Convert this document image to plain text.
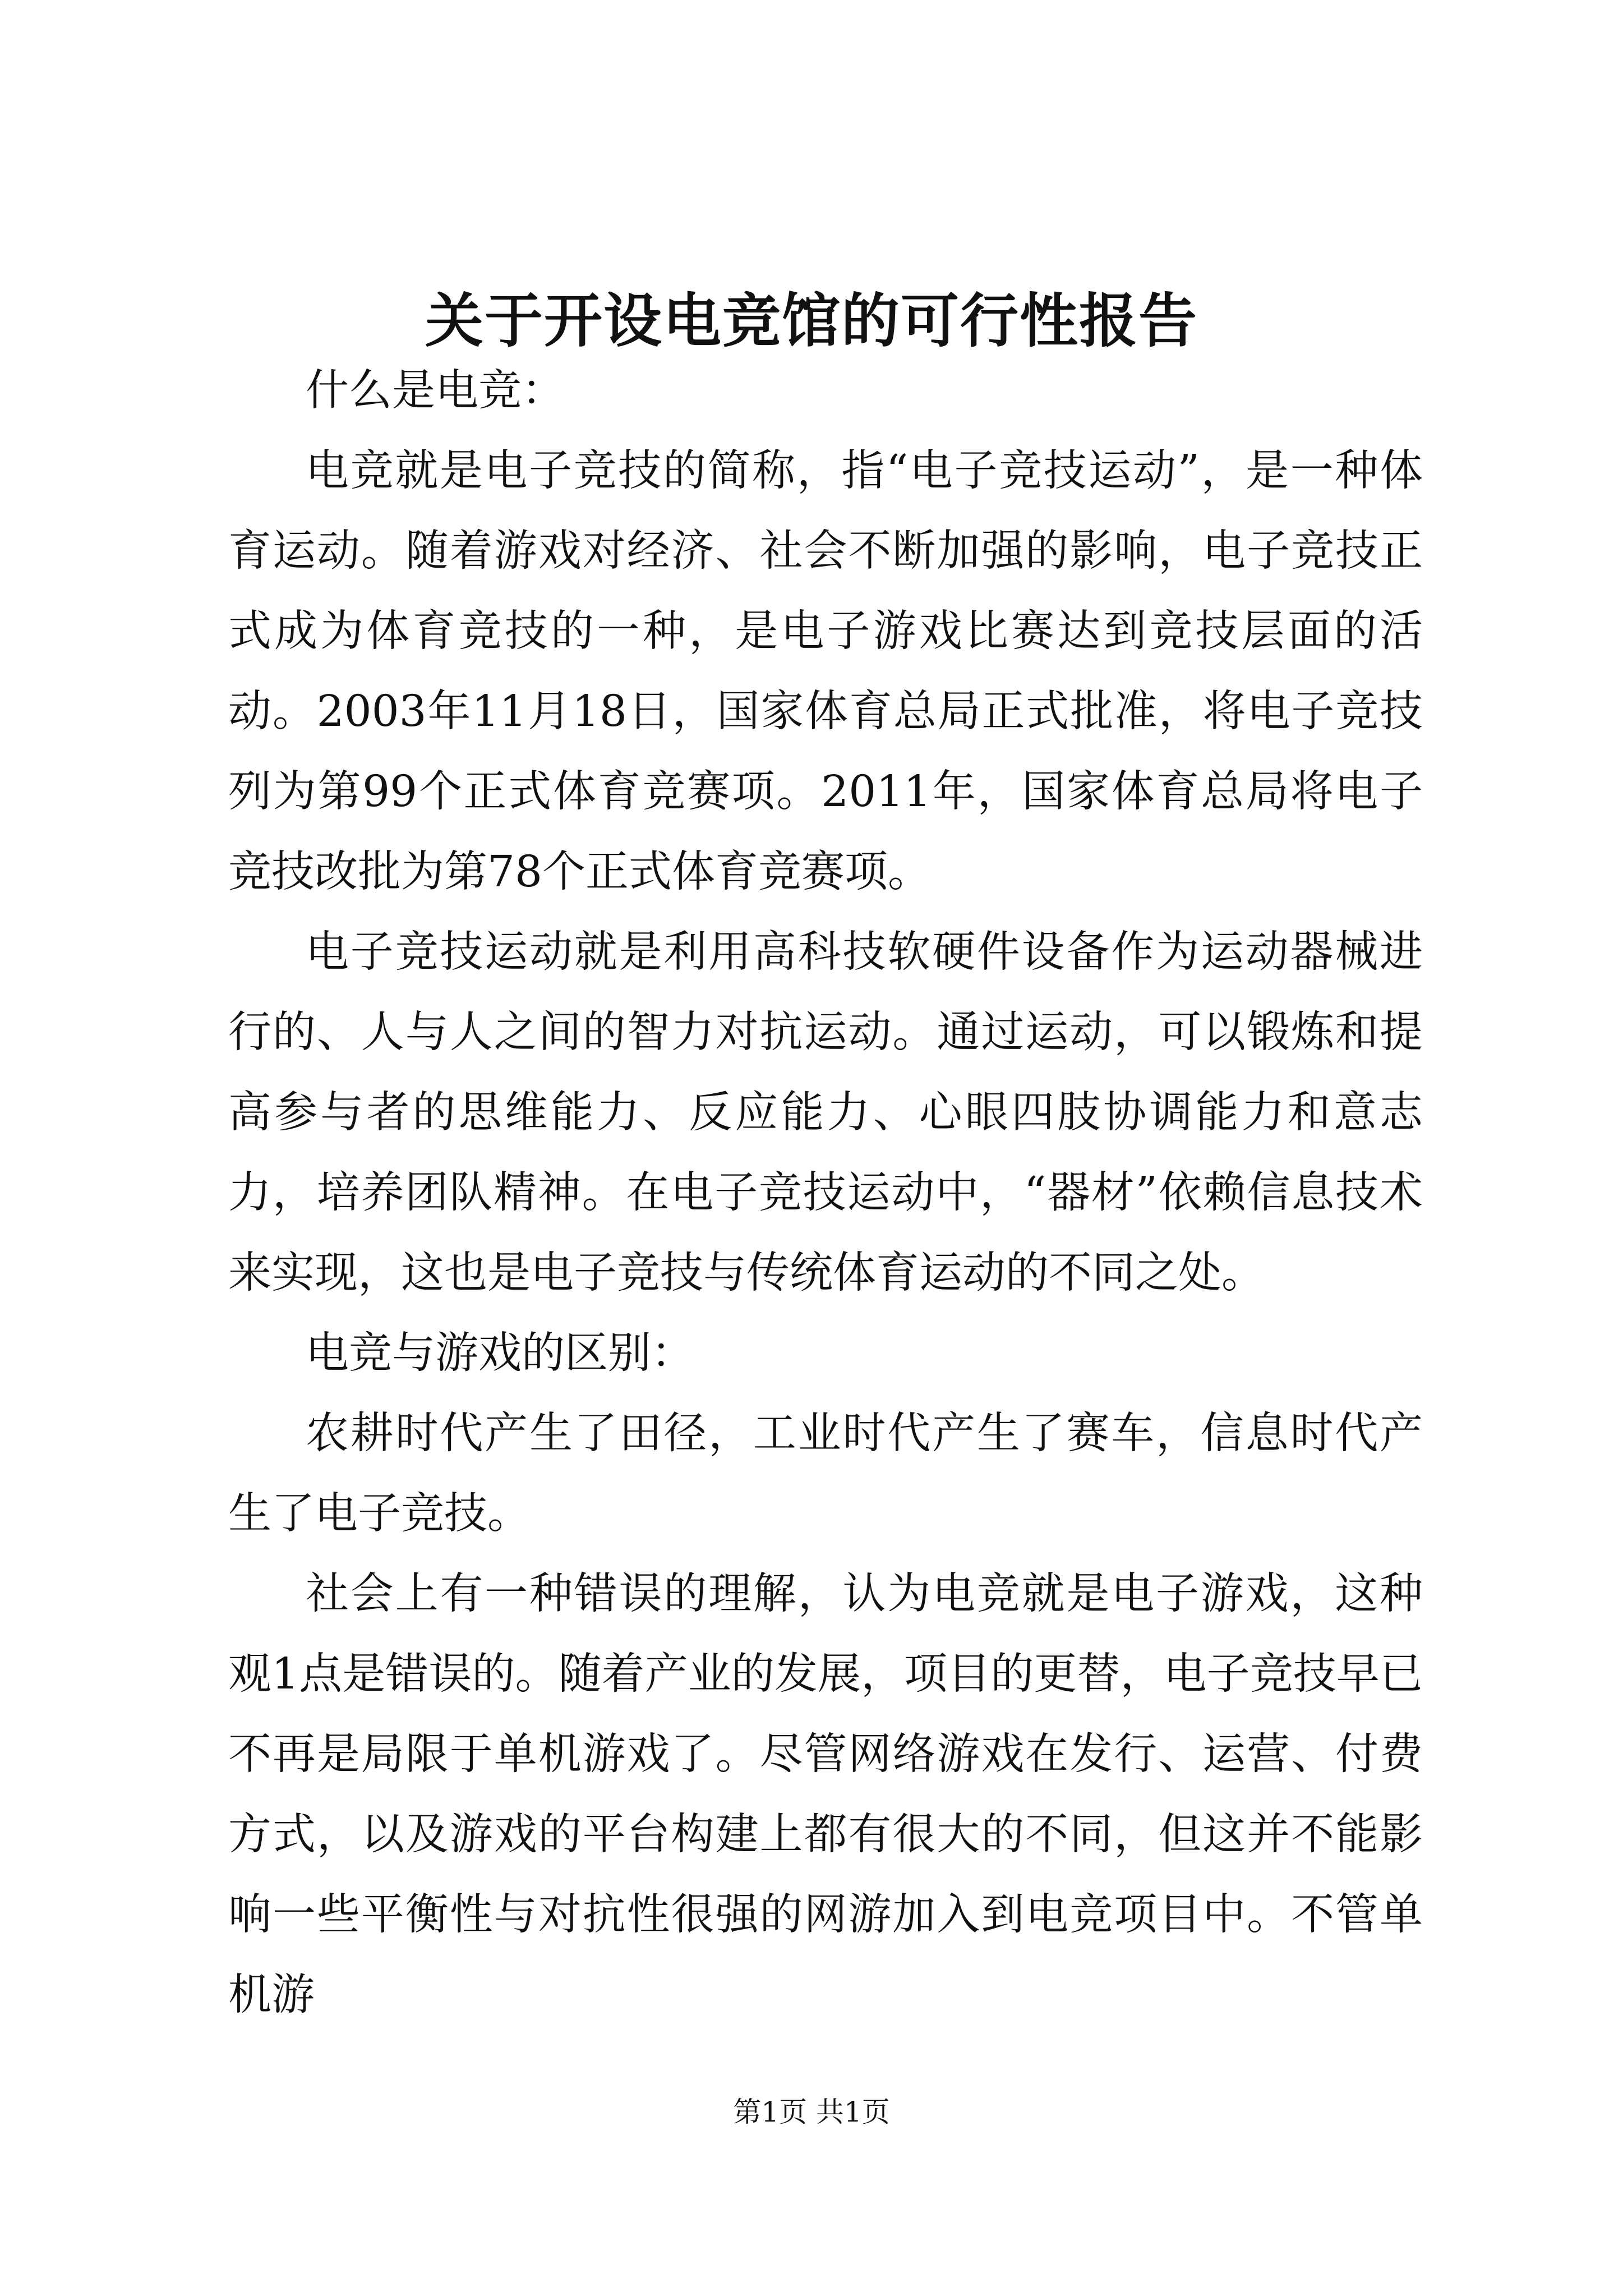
关于开设电竞馆的可行性报告

什么是电竞：

电竞就是电子竞技的简称，指“电子竞技运动”，是一种体育运动。随着游戏对经济、社会不断加强的影响，电子竞技正式成为体育竞技的一种，是电子游戏比赛达到竞技层面的活动。2003年11月18日，国家体育总局正式批准，将电子竞技列为第99个正式体育竞赛项。2011年，国家体育总局将电子竞技改批为第78个正式体育竞赛项。

电子竞技运动就是利用高科技软硬件设备作为运动器械进行的、人与人之间的智力对抗运动。通过运动，可以锻炼和提高参与者的思维能力、反应能力、心眼四肢协调能力和意志力，培养团队精神。在电子竞技运动中，“器材”依赖信息技术来实现，这也是电子竞技与传统体育运动的不同之处。

电竞与游戏的区别：

农耕时代产生了田径，工业时代产生了赛车，信息时代产生了电子竞技。

社会上有一种错误的理解，认为电竞就是电子游戏，这种观1点是错误的。随着产业的发展，项目的更替，电子竞技早已不再是局限于单机游戏了。尽管网络游戏在发行、运营、付费方式，以及游戏的平台构建上都有很大的不同，但这并不能影响一些平衡性与对抗性很强的网游加入到电竞项目中。不管单机游

第1页 共1页
